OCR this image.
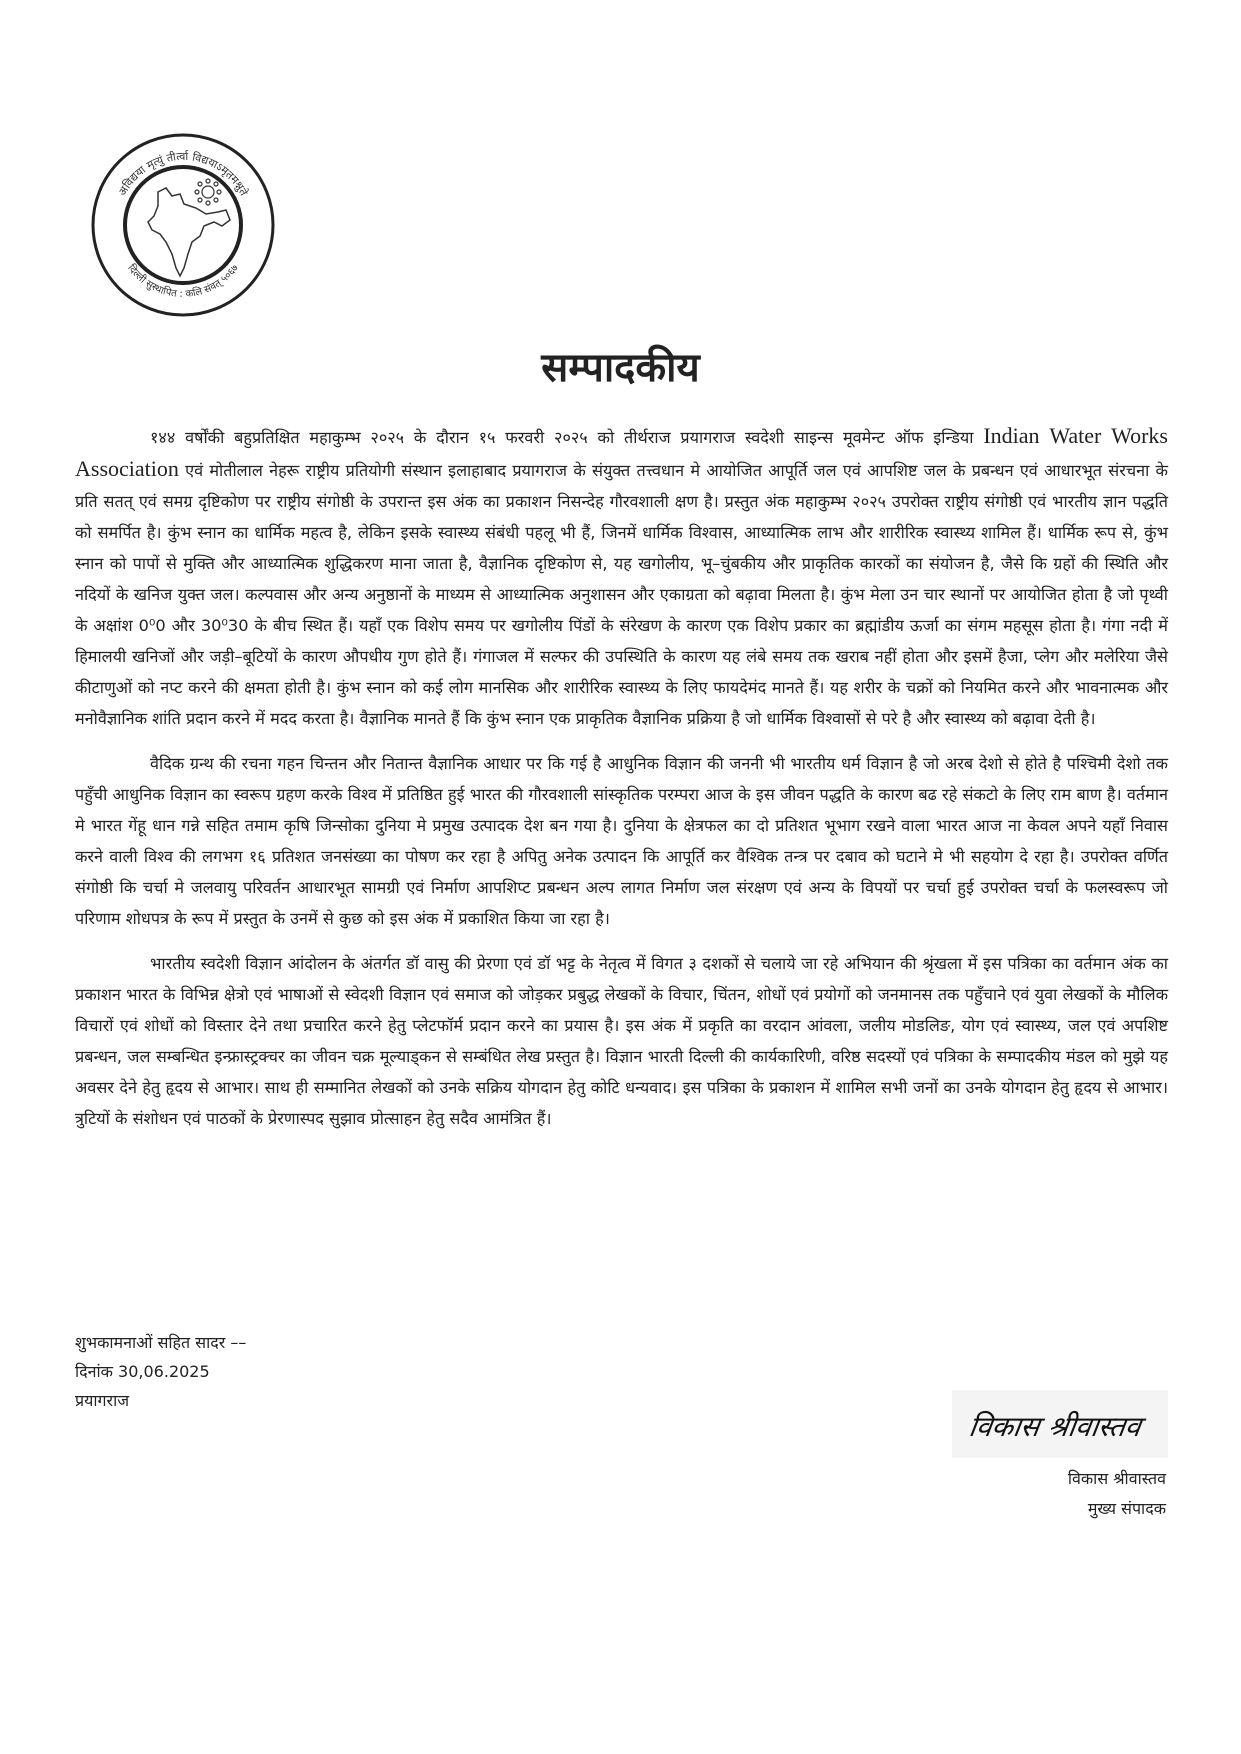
अविद्यया मृत्युं तीर्त्वा विद्ययाऽमृतमश्नुते
दिल्ली सुस्थापित : कलि संवत् ५०६७
सम्पादकीय

१४४ वर्षोंकी बहुप्रतिक्षित महाकुम्भ २०२५ के दौरान १५ फरवरी २०२५ को तीर्थराज प्रयागराज स्वदेशी साइन्स मूवमेन्ट ऑफ इन्डिया Indian Water Works Association एवं मोतीलाल नेहरू राष्ट्रीय प्रतियोगी संस्थान इलाहाबाद प्रयागराज के संयुक्त तत्त्वधान मे आयोजित आपूर्ति जल एवं आपशिष्ट जल के प्रबन्धन एवं आधारभूत संरचना के प्रति सतत् एवं समग्र दृष्टिकोण पर राष्ट्रीय संगोष्ठी के उपरान्त इस अंक का प्रकाशन निसन्देह गौरवशाली क्षण है। प्रस्तुत अंक महाकुम्भ २०२५ उपरोक्त राष्ट्रीय संगोष्ठी एवं भारतीय ज्ञान पद्धति को समर्पित है। कुंभ स्नान का धार्मिक महत्व है, लेकिन इसके स्वास्थ्य संबंधी पहलू भी हैं, जिनमें धार्मिक विश्वास, आध्यात्मिक लाभ और शारीरिक स्वास्थ्य शामिल हैं। धार्मिक रूप से, कुंभ स्नान को पापों से मुक्ति और आध्यात्मिक शुद्धिकरण माना जाता है, वैज्ञानिक दृष्टिकोण से, यह खगोलीय, भू–चुंबकीय और प्राकृतिक कारकों का संयोजन है, जैसे कि ग्रहों की स्थिति और नदियों के खनिज युक्त जल। कल्पवास और अन्य अनुष्ठानों के माध्यम से आध्यात्मिक अनुशासन और एकाग्रता को बढ़ावा मिलता है। कुंभ मेला उन चार स्थानों पर आयोजित होता है जो पृथ्वी के अक्षांश 0⁰0 और 30⁰30 के बीच स्थित हैं। यहाँ एक विशेप समय पर खगोलीय पिंडों के संरेखण के कारण एक विशेप प्रकार का ब्रह्मांडीय ऊर्जा का संगम महसूस होता है। गंगा नदी में हिमालयी खनिजों और जड़ी–बूटियों के कारण औपधीय गुण होते हैं। गंगाजल में सल्फर की उपस्थिति के कारण यह लंबे समय तक खराब नहीं होता और इसमें हैजा, प्लेग और मलेरिया जैसे कीटाणुओं को नप्ट करने की क्षमता होती है। कुंभ स्नान को कई लोग मानसिक और शारीरिक स्वास्थ्य के लिए फायदेमंद मानते हैं। यह शरीर के चक्रों को नियमित करने और भावनात्मक और मनोवैज्ञानिक शांति प्रदान करने में मदद करता है। वैज्ञानिक मानते हैं कि कुंभ स्नान एक प्राकृतिक वैज्ञानिक प्रक्रिया है जो धार्मिक विश्वासों से परे है और स्वास्थ्य को बढ़ावा देती है।

वैदिक ग्रन्थ की रचना गहन चिन्तन और नितान्त वैज्ञानिक आधार पर कि गई है आधुनिक विज्ञान की जननी भी भारतीय धर्म विज्ञान है जो अरब देशो से होते है पश्चिमी देशो तक पहुँची आधुनिक विज्ञान का स्वरूप ग्रहण करके विश्व में प्रतिष्ठित हुई भारत की गौरवशाली सांस्कृतिक परम्परा आज के इस जीवन पद्धति के कारण बढ रहे संकटो के लिए राम बाण है। वर्तमान मे भारत गेंहू धान गन्ने सहित तमाम कृषि जिन्सोका दुनिया मे प्रमुख उत्पादक देश बन गया है। दुनिया के क्षेत्रफल का दो प्रतिशत भूभाग रखने वाला भारत आज ना केवल अपने यहाँ निवास करने वाली विश्व की लगभग १६ प्रतिशत जनसंख्या का पोषण कर रहा है अपितु अनेक उत्पादन कि आपूर्ति कर वैश्विक तन्त्र पर दबाव को घटाने मे भी सहयोग दे रहा है। उपरोक्त वर्णित संगोष्ठी कि चर्चा मे जलवायु परिवर्तन आधारभूत सामग्री एवं निर्माण आपशिप्ट प्रबन्धन अल्प लागत निर्माण जल संरक्षण एवं अन्य के विपयों पर चर्चा हुई उपरोक्त चर्चा के फलस्वरूप जो परिणाम शोधपत्र के रूप में प्रस्तुत के उनमें से कुछ को इस अंक में प्रकाशित किया जा रहा है।

भारतीय स्वदेशी विज्ञान आंदोलन के अंतर्गत डॉ वासु की प्रेरणा एवं डॉ भट्ट के नेतृत्व में विगत ३ दशकों से चलाये जा रहे अभियान की श्रृंखला में इस पत्रिका का वर्तमान अंक का प्रकाशन भारत के विभिन्न क्षेत्रो एवं भाषाओं से स्वेदशी विज्ञान एवं समाज को जोड़कर प्रबुद्ध लेखकों के विचार, चिंतन, शोधों एवं प्रयोगों को जनमानस तक पहुँचाने एवं युवा लेखकों के मौलिक विचारों एवं शोधों को विस्तार देने तथा प्रचारित करने हेतु प्लेटफॉर्म प्रदान करने का प्रयास है। इस अंक में प्रकृति का वरदान आंवला, जलीय मोडलिङ, योग एवं स्वास्थ्य, जल एवं अपशिष्ट प्रबन्धन, जल सम्बन्धित इन्फ्रास्ट्रक्चर का जीवन चक्र मूल्याड्कन से सम्बंधित लेख प्रस्तुत है। विज्ञान भारती दिल्ली की कार्यकारिणी, वरिष्ठ सदस्यों एवं पत्रिका के सम्पादकीय मंडल को मुझे यह अवसर देने हेतु हृदय से आभार। साथ ही सम्मानित लेखकों को उनके सक्रिय योगदान हेतु कोटि धन्यवाद। इस पत्रिका के प्रकाशन में शामिल सभी जनों का उनके योगदान हेतु हृदय से आभार। त्रुटियों के संशोधन एवं पाठकों के प्रेरणास्पद सुझाव प्रोत्साहन हेतु सदैव आमंत्रित हैं।

शुभकामनाओं सहित सादर ––
दिनांक 30,06.2025
प्रयागराज
विकास श्रीवास्तव
विकास श्रीवास्तव
मुख्य संपादक
